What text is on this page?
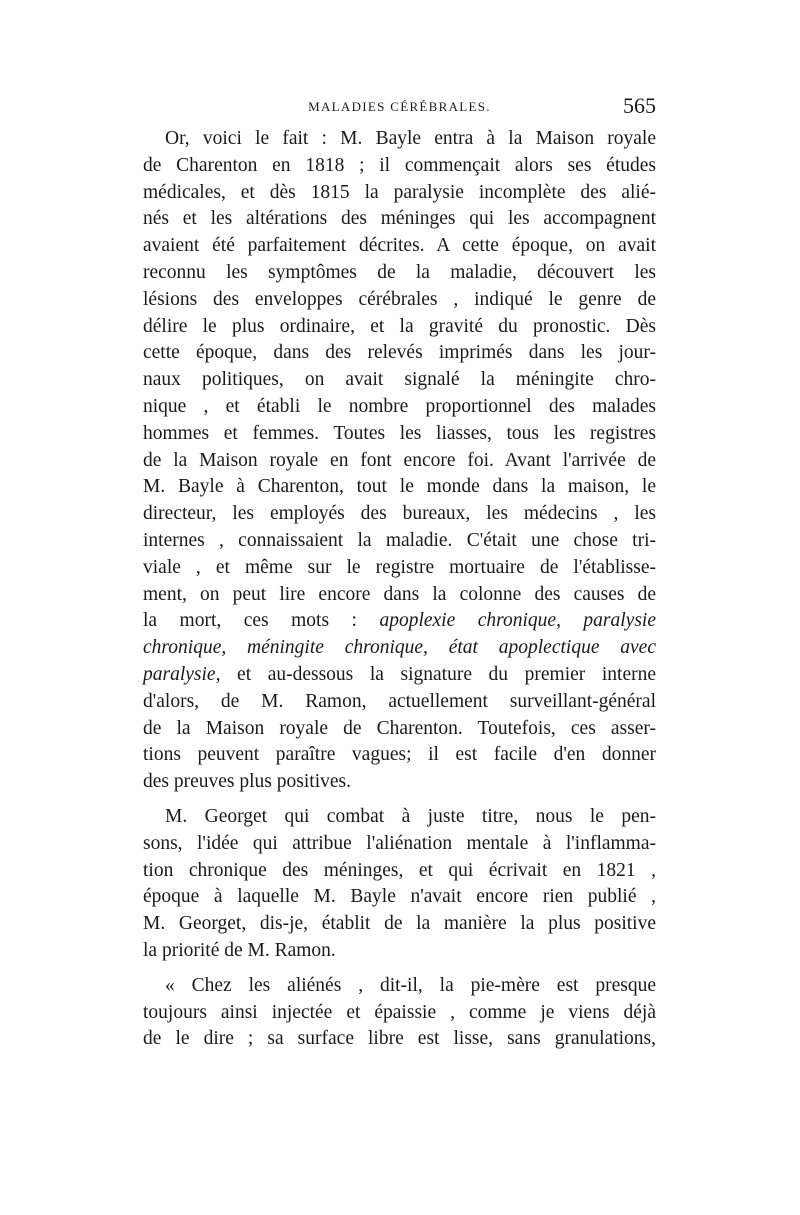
MALADIES CÉRÉBRALES.	565
Or, voici le fait : M. Bayle entra à la Maison royale
de Charenton en 1818 ; il commençait alors ses études
médicales, et dès 1815 la paralysie incomplète des alié-
nés et les altérations des méninges qui les accompagnent
avaient été parfaitement décrites. A cette époque, on avait
reconnu les symptômes de la maladie, découvert les
lésions des enveloppes cérébrales , indiqué le genre de
délire le plus ordinaire, et la gravité du pronostic. Dès
cette époque, dans des relevés imprimés dans les jour-
naux politiques, on avait signalé la méningite chro-
nique , et établi le nombre proportionnel des malades
hommes et femmes. Toutes les liasses, tous les registres
de la Maison royale en font encore foi. Avant l'arrivée de
M. Bayle à Charenton, tout le monde dans la maison, le
directeur, les employés des bureaux, les médecins , les
internes , connaissaient la maladie. C'était une chose tri-
viale , et même sur le registre mortuaire de l'établisse-
ment, on peut lire encore dans la colonne des causes de
la mort, ces mots : apoplexie chronique, paralysie
chronique, méningite chronique, état apoplectique avec
paralysie, et au-dessous la signature du premier interne
d'alors, de M. Ramon, actuellement surveillant-général
de la Maison royale de Charenton. Toutefois, ces asser-
tions peuvent paraître vagues; il est facile d'en donner
des preuves plus positives.
M. Georget qui combat à juste titre, nous le pen-
sons, l'idée qui attribue l'aliénation mentale à l'inflamma-
tion chronique des méninges, et qui écrivait en 1821 ,
époque à laquelle M. Bayle n'avait encore rien publié ,
M. Georget, dis-je, établit de la manière la plus positive
la priorité de M. Ramon.
« Chez les aliénés , dit-il, la pie-mère est presque
toujours ainsi injectée et épaissie , comme je viens déjà
de le dire ; sa surface libre est lisse, sans granulations,
